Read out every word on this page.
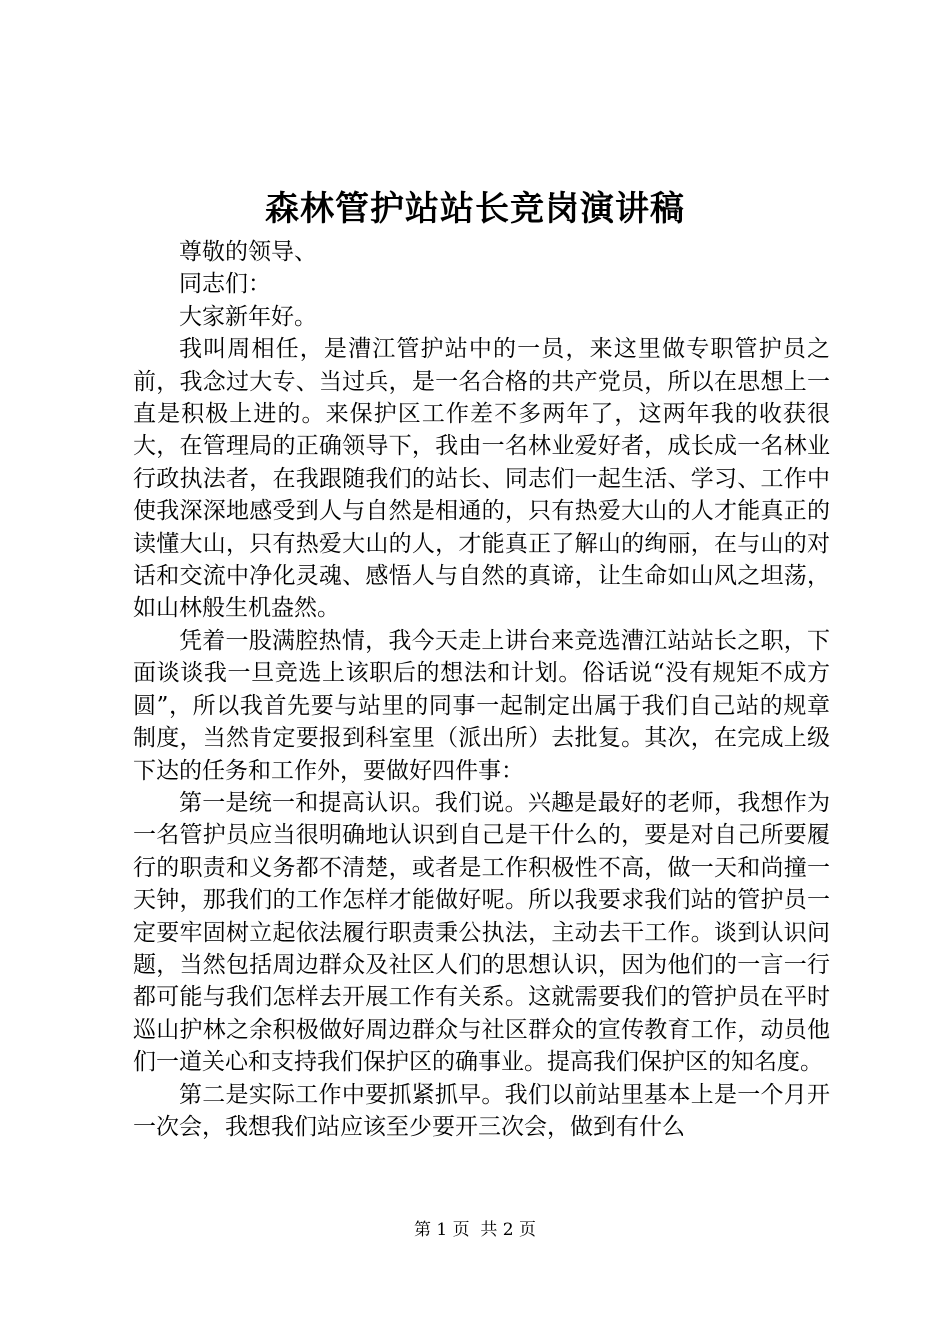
森林管护站站长竞岗演讲稿

尊敬的领导、

同志们：

大家新年好。

我叫周相任，是漕江管护站中的一员，来这里做专职管护员之前，我念过大专、当过兵，是一名合格的共产党员，所以在思想上一直是积极上进的。来保护区工作差不多两年了，这两年我的收获很大，在管理局的正确领导下，我由一名林业爱好者，成长成一名林业行政执法者，在我跟随我们的站长、同志们一起生活、学习、工作中使我深深地感受到人与自然是相通的，只有热爱大山的人才能真正的读懂大山，只有热爱大山的人，才能真正了解山的绚丽，在与山的对话和交流中净化灵魂、感悟人与自然的真谛，让生命如山风之坦荡，如山林般生机盎然。

凭着一股满腔热情，我今天走上讲台来竞选漕江站站长之职，下面谈谈我一旦竞选上该职后的想法和计划。俗话说“没有规矩不成方圆”，所以我首先要与站里的同事一起制定出属于我们自己站的规章制度，当然肯定要报到科室里（派出所）去批复。其次，在完成上级下达的任务和工作外，要做好四件事：

第一是统一和提高认识。我们说。兴趣是最好的老师，我想作为一名管护员应当很明确地认识到自己是干什么的，要是对自己所要履行的职责和义务都不清楚，或者是工作积极性不高，做一天和尚撞一天钟，那我们的工作怎样才能做好呢。所以我要求我们站的管护员一定要牢固树立起依法履行职责秉公执法，主动去干工作。谈到认识问题，当然包括周边群众及社区人们的思想认识，因为他们的一言一行都可能与我们怎样去开展工作有关系。这就需要我们的管护员在平时巡山护林之余积极做好周边群众与社区群众的宣传教育工作，动员他们一道关心和支持我们保护区的确事业。提高我们保护区的知名度。

第二是实际工作中要抓紧抓早。我们以前站里基本上是一个月开一次会，我想我们站应该至少要开三次会，做到有什么

第 1 页  共 2 页
